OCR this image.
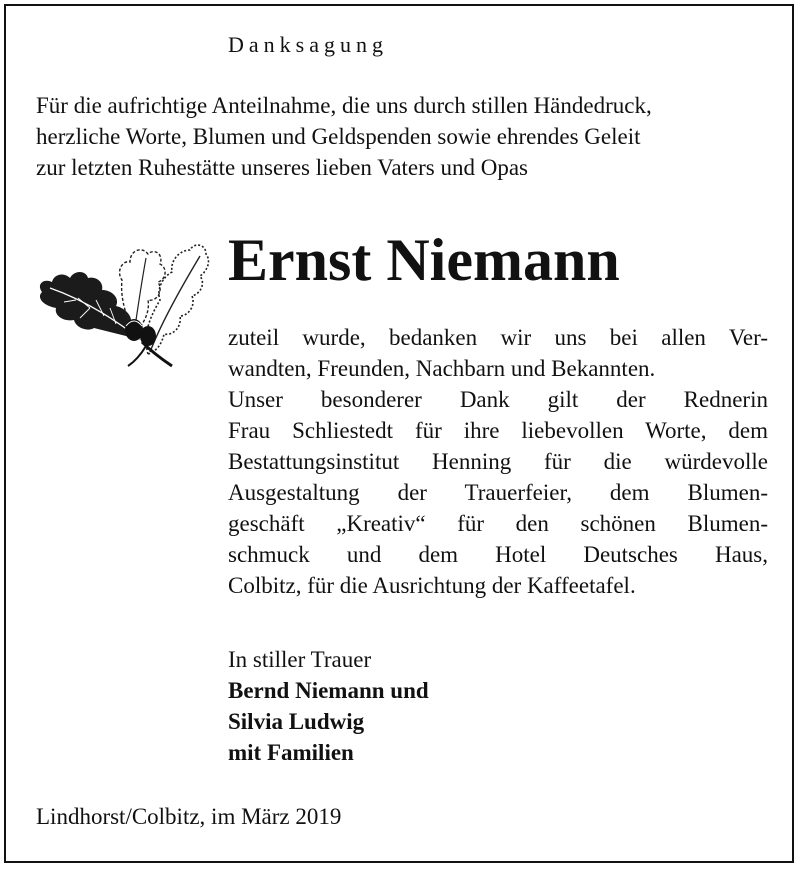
Danksagung
Für die aufrichtige Anteilnahme, die uns durch stillen Händedruck,
herzliche Worte, Blumen und Geldspenden sowie ehrendes Geleit
zur letzten Ruhestätte unseres lieben Vaters und Opas
Ernst Niemann
zuteil wurde, bedanken wir uns bei allen Ver-
wandten, Freunden, Nachbarn und Bekannten.
Unser besonderer Dank gilt der Rednerin
Frau Schliestedt für ihre liebevollen Worte, dem
Bestattungsinstitut Henning für die würdevolle
Ausgestaltung der Trauerfeier, dem Blumen-
geschäft „Kreativ“ für den schönen Blumen-
schmuck und dem Hotel Deutsches Haus,
Colbitz, für die Ausrichtung der Kaffeetafel.
In stiller Trauer
Bernd Niemann und
Silvia Ludwig
mit Familien
Lindhorst/Colbitz, im März 2019
